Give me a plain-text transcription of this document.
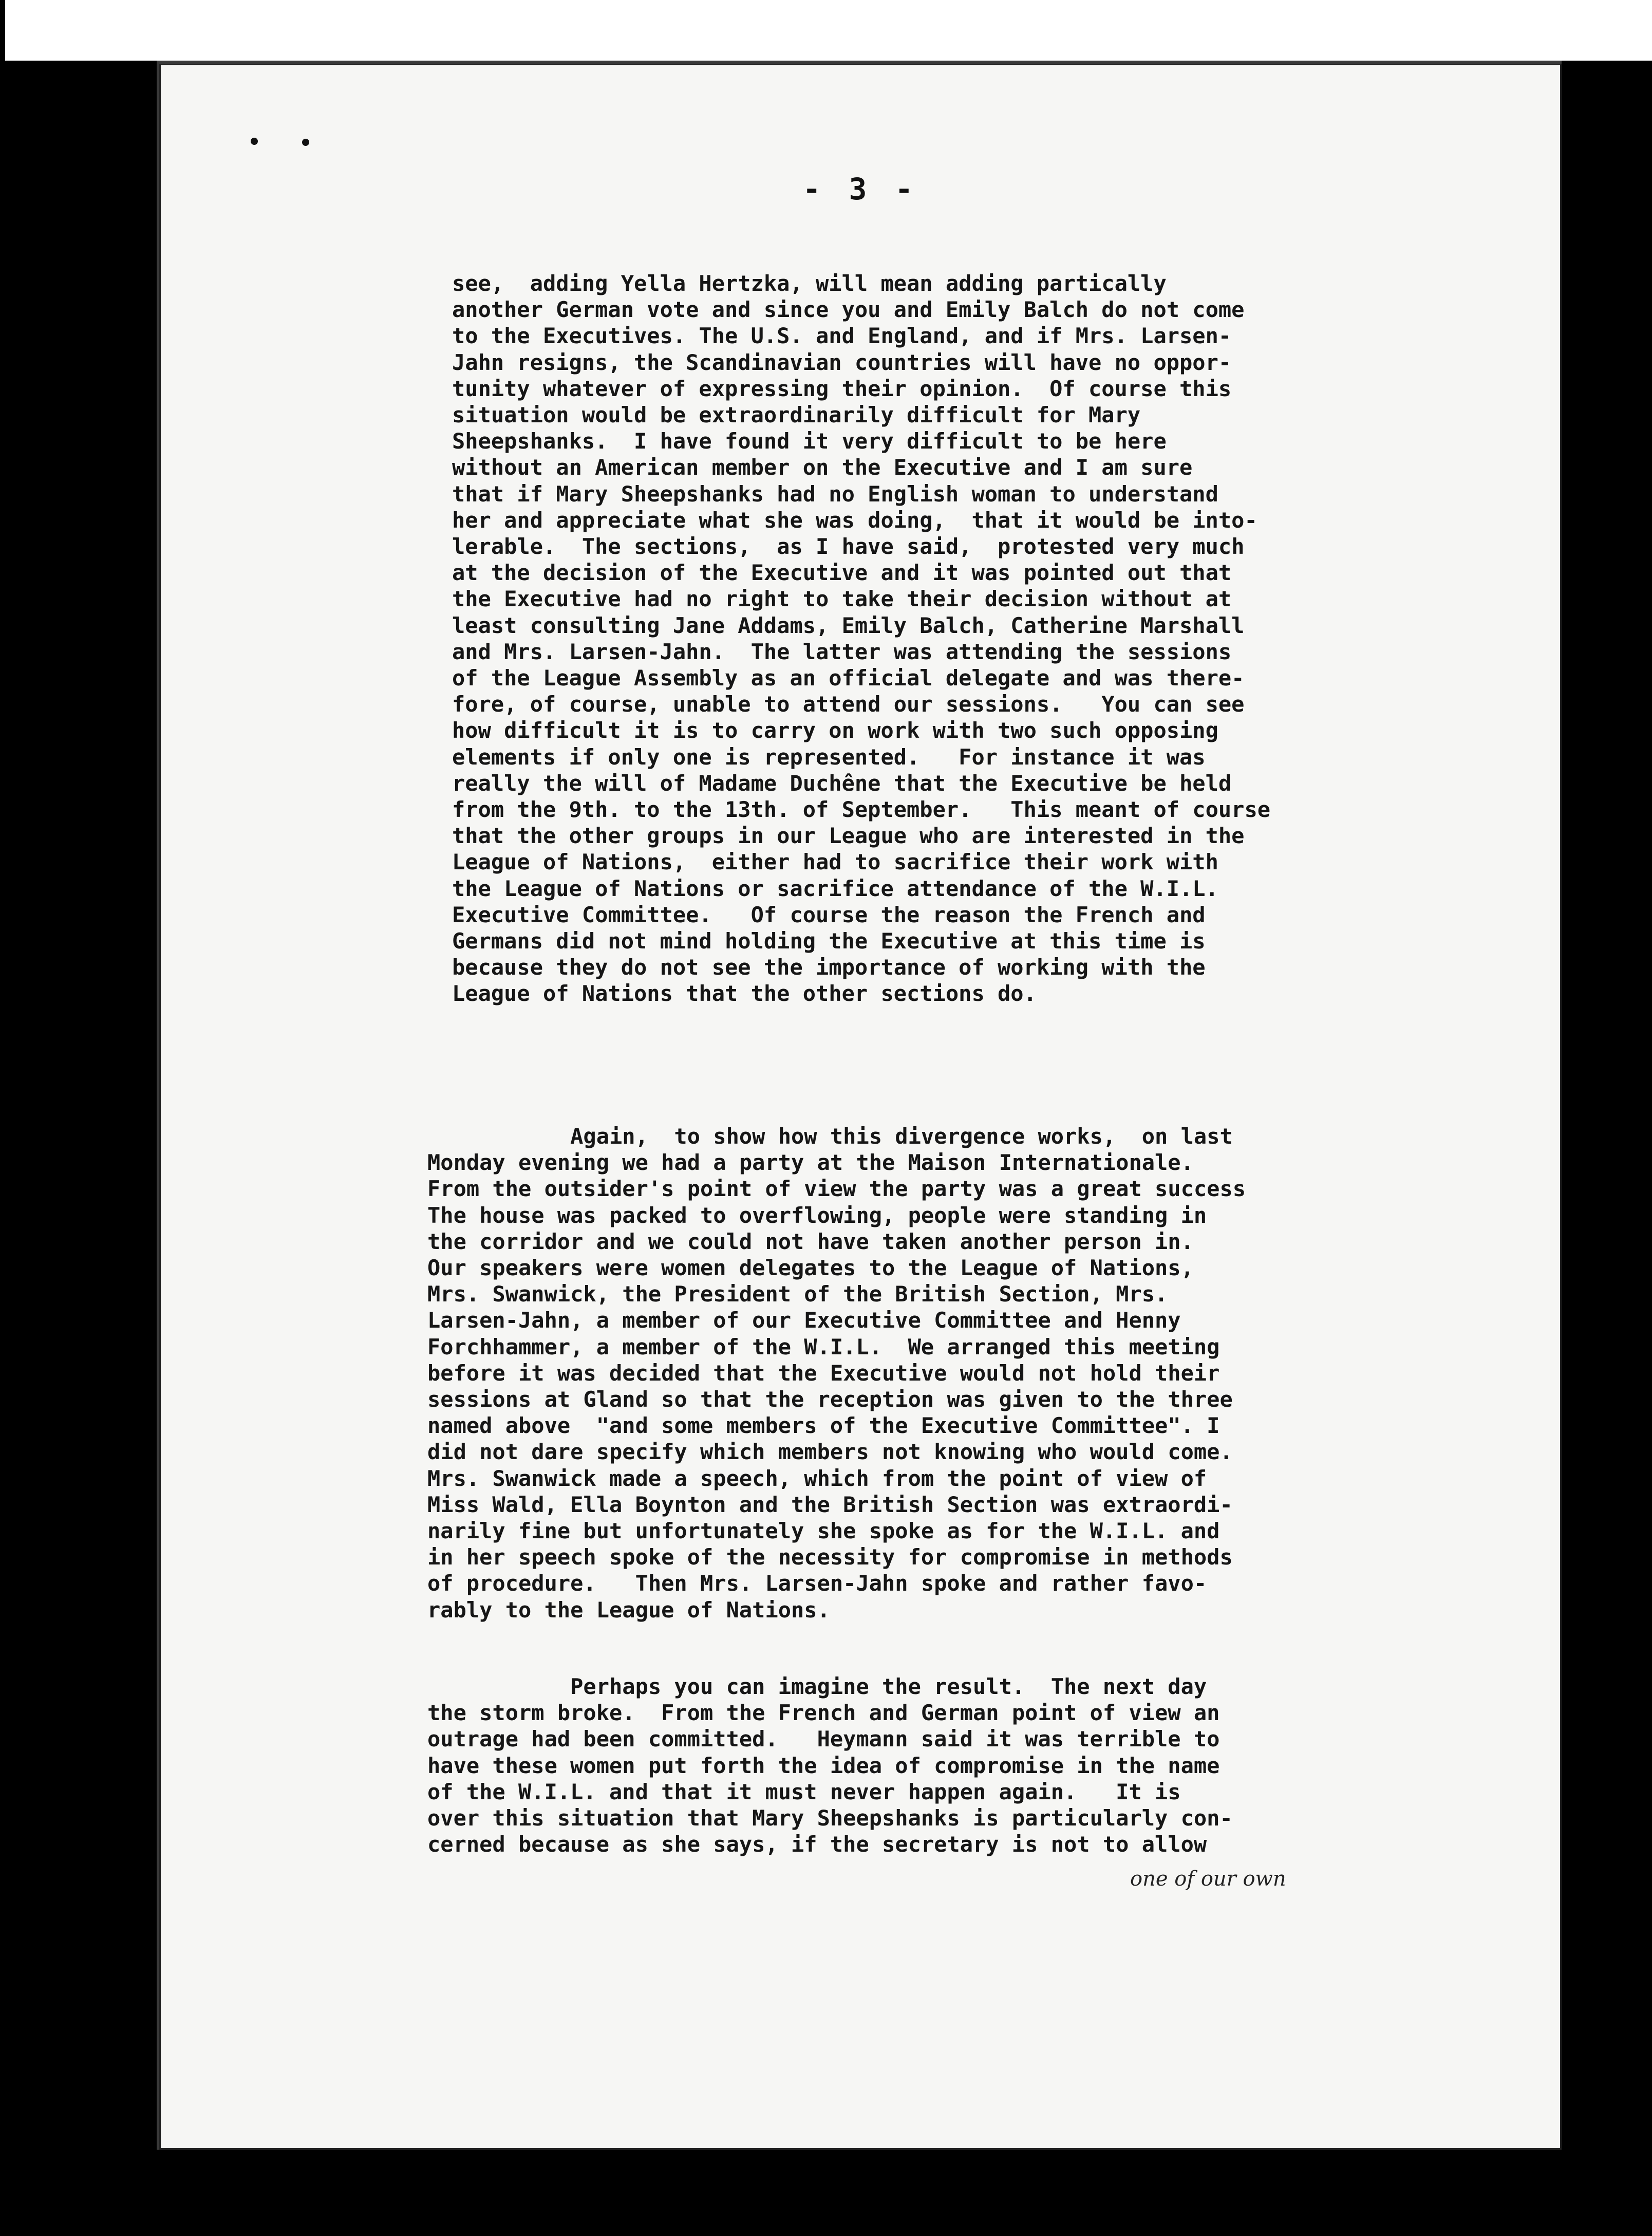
- 3 -
see,  adding Yella Hertzka, will mean adding partically
another German vote and since you and Emily Balch do not come
to the Executives. The U.S. and England, and if Mrs. Larsen-
Jahn resigns, the Scandinavian countries will have no oppor-
tunity whatever of expressing their opinion.  Of course this
situation would be extraordinarily difficult for Mary
Sheepshanks.  I have found it very difficult to be here
without an American member on the Executive and I am sure
that if Mary Sheepshanks had no English woman to understand
her and appreciate what she was doing,  that it would be into-
lerable.  The sections,  as I have said,  protested very much
at the decision of the Executive and it was pointed out that
the Executive had no right to take their decision without at
least consulting Jane Addams, Emily Balch, Catherine Marshall
and Mrs. Larsen-Jahn.  The latter was attending the sessions
of the League Assembly as an official delegate and was there-
fore, of course, unable to attend our sessions.   You can see
how difficult it is to carry on work with two such opposing
elements if only one is represented.   For instance it was
really the will of Madame Duchêne that the Executive be held
from the 9th. to the 13th. of September.   This meant of course
that the other groups in our League who are interested in the
League of Nations,  either had to sacrifice their work with
the League of Nations or sacrifice attendance of the W.I.L.
Executive Committee.   Of course the reason the French and
Germans did not mind holding the Executive at this time is
because they do not see the importance of working with the
League of Nations that the other sections do.
Again,  to show how this divergence works,  on last
Monday evening we had a party at the Maison Internationale.
From the outsider's point of view the party was a great success
The house was packed to overflowing, people were standing in
the corridor and we could not have taken another person in.
Our speakers were women delegates to the League of Nations,
Mrs. Swanwick, the President of the British Section, Mrs.
Larsen-Jahn, a member of our Executive Committee and Henny
Forchhammer, a member of the W.I.L.  We arranged this meeting
before it was decided that the Executive would not hold their
sessions at Gland so that the reception was given to the three
named above  "and some members of the Executive Committee". I
did not dare specify which members not knowing who would come.
Mrs. Swanwick made a speech, which from the point of view of
Miss Wald, Ella Boynton and the British Section was extraordi-
narily fine but unfortunately she spoke as for the W.I.L. and
in her speech spoke of the necessity for compromise in methods
of procedure.   Then Mrs. Larsen-Jahn spoke and rather favo-
rably to the League of Nations.
Perhaps you can imagine the result.  The next day
the storm broke.  From the French and German point of view an
outrage had been committed.   Heymann said it was terrible to
have these women put forth the idea of compromise in the name
of the W.I.L. and that it must never happen again.   It is
over this situation that Mary Sheepshanks is particularly con-
cerned because as she says, if the secretary is not to allow
one of our own
